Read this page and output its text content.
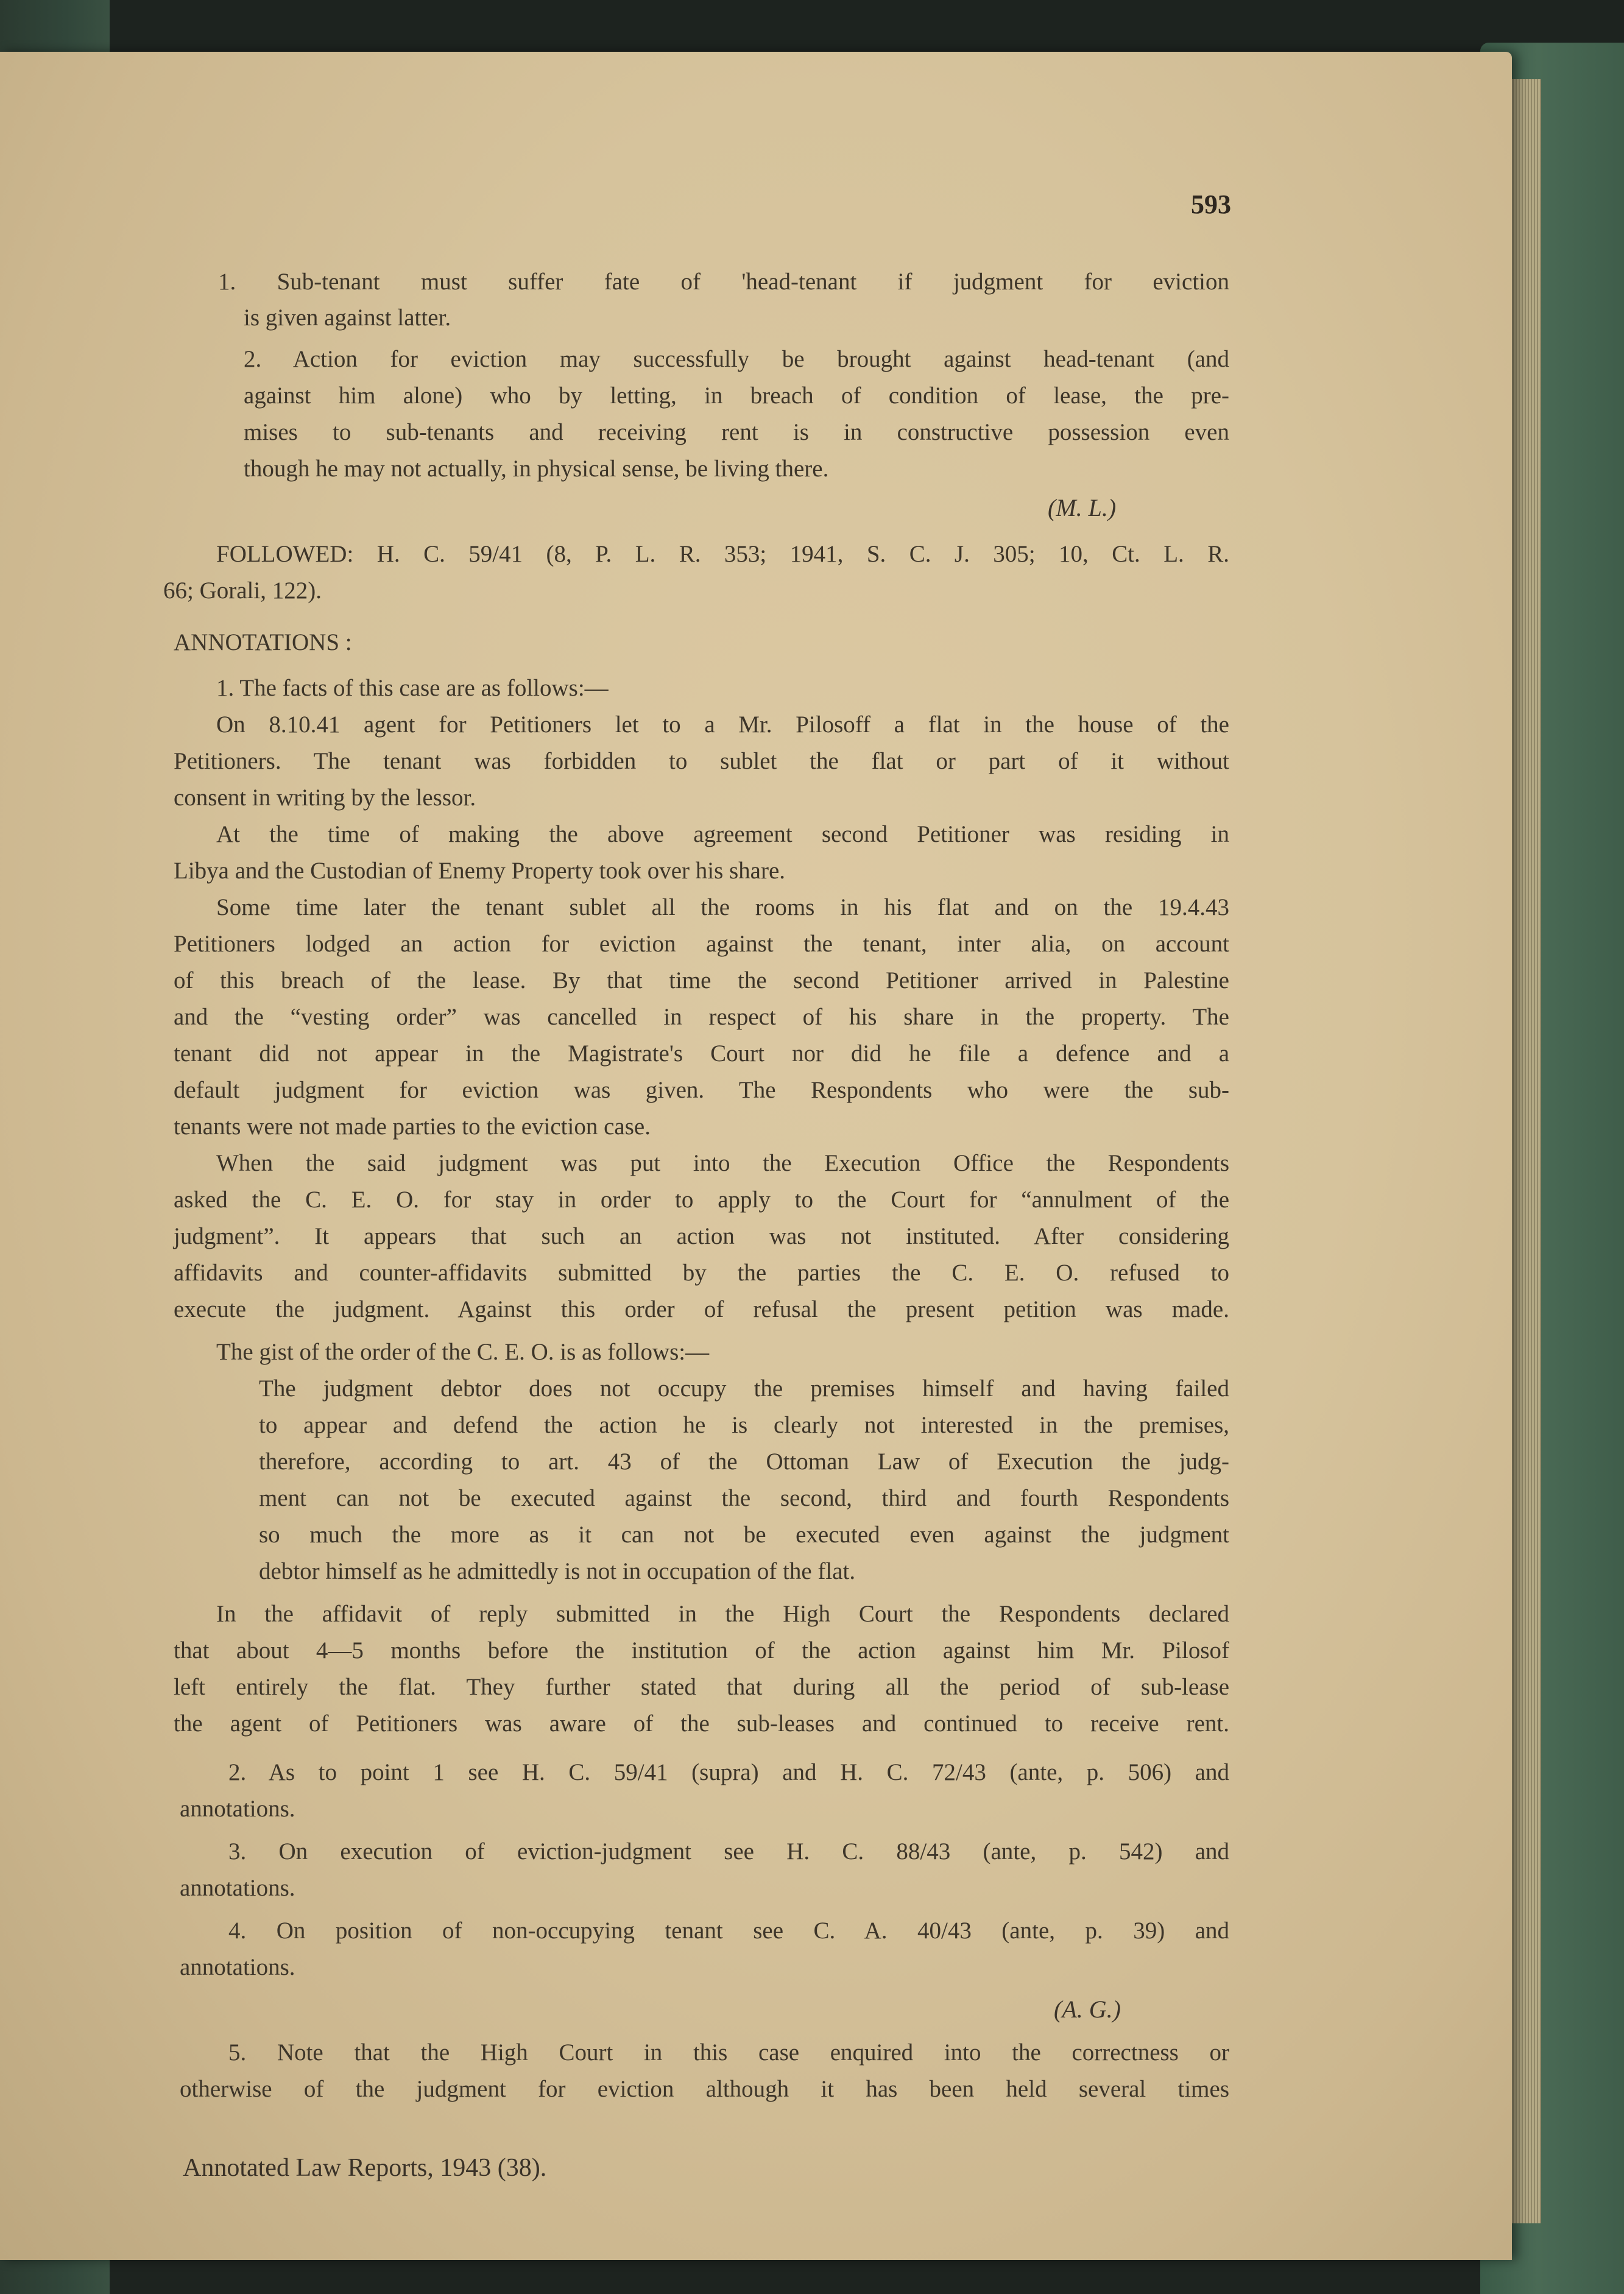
593
1. Sub-tenant must suffer fate of 'head-tenant if judgment for eviction
is given against latter.
2. Action for eviction may successfully be brought against head-tenant (and
against him alone) who by letting, in breach of condition of lease, the pre-
mises to sub-tenants and receiving rent is in constructive possession even
though he may not actually, in physical sense, be living there.
(M. L.)
FOLLOWED: H. C. 59/41 (8, P. L. R. 353; 1941, S. C. J. 305; 10, Ct. L. R.
66; Gorali, 122).
ANNOTATIONS :
1. The facts of this case are as follows:—
On 8.10.41 agent for Petitioners let to a Mr. Pilosoff a flat in the house of the
Petitioners. The tenant was forbidden to sublet the flat or part of it without
consent in writing by the lessor.
At the time of making the above agreement second Petitioner was residing in
Libya and the Custodian of Enemy Property took over his share.
Some time later the tenant sublet all the rooms in his flat and on the 19.4.43
Petitioners lodged an action for eviction against the tenant, inter alia, on account
of this breach of the lease. By that time the second Petitioner arrived in Palestine
and the “vesting order” was cancelled in respect of his share in the property. The
tenant did not appear in the Magistrate's Court nor did he file a defence and a
default judgment for eviction was given. The Respondents who were the sub-
tenants were not made parties to the eviction case.
When the said judgment was put into the Execution Office the Respondents
asked the C. E. O. for stay in order to apply to the Court for “annulment of the
judgment”. It appears that such an action was not instituted. After considering
affidavits and counter-affidavits submitted by the parties the C. E. O. refused to
execute the judgment. Against this order of refusal the present petition was made.
The gist of the order of the C. E. O. is as follows:—
The judgment debtor does not occupy the premises himself and having failed
to appear and defend the action he is clearly not interested in the premises,
therefore, according to art. 43 of the Ottoman Law of Execution the judg-
ment can not be executed against the second, third and fourth Respondents
so much the more as it can not be executed even against the judgment
debtor himself as he admittedly is not in occupation of the flat.
In the affidavit of reply submitted in the High Court the Respondents declared
that about 4—5 months before the institution of the action against him Mr. Pilosof
left entirely the flat. They further stated that during all the period of sub-lease
the agent of Petitioners was aware of the sub-leases and continued to receive rent.
2. As to point 1 see H. C. 59/41 (supra) and H. C. 72/43 (ante, p. 506) and
annotations.
3. On execution of eviction-judgment see H. C. 88/43 (ante, p. 542) and
annotations.
4. On position of non-occupying tenant see C. A. 40/43 (ante, p. 39) and
annotations.
(A. G.)
5. Note that the High Court in this case enquired into the correctness or
otherwise of the judgment for eviction although it has been held several times
Annotated Law Reports, 1943 (38).
